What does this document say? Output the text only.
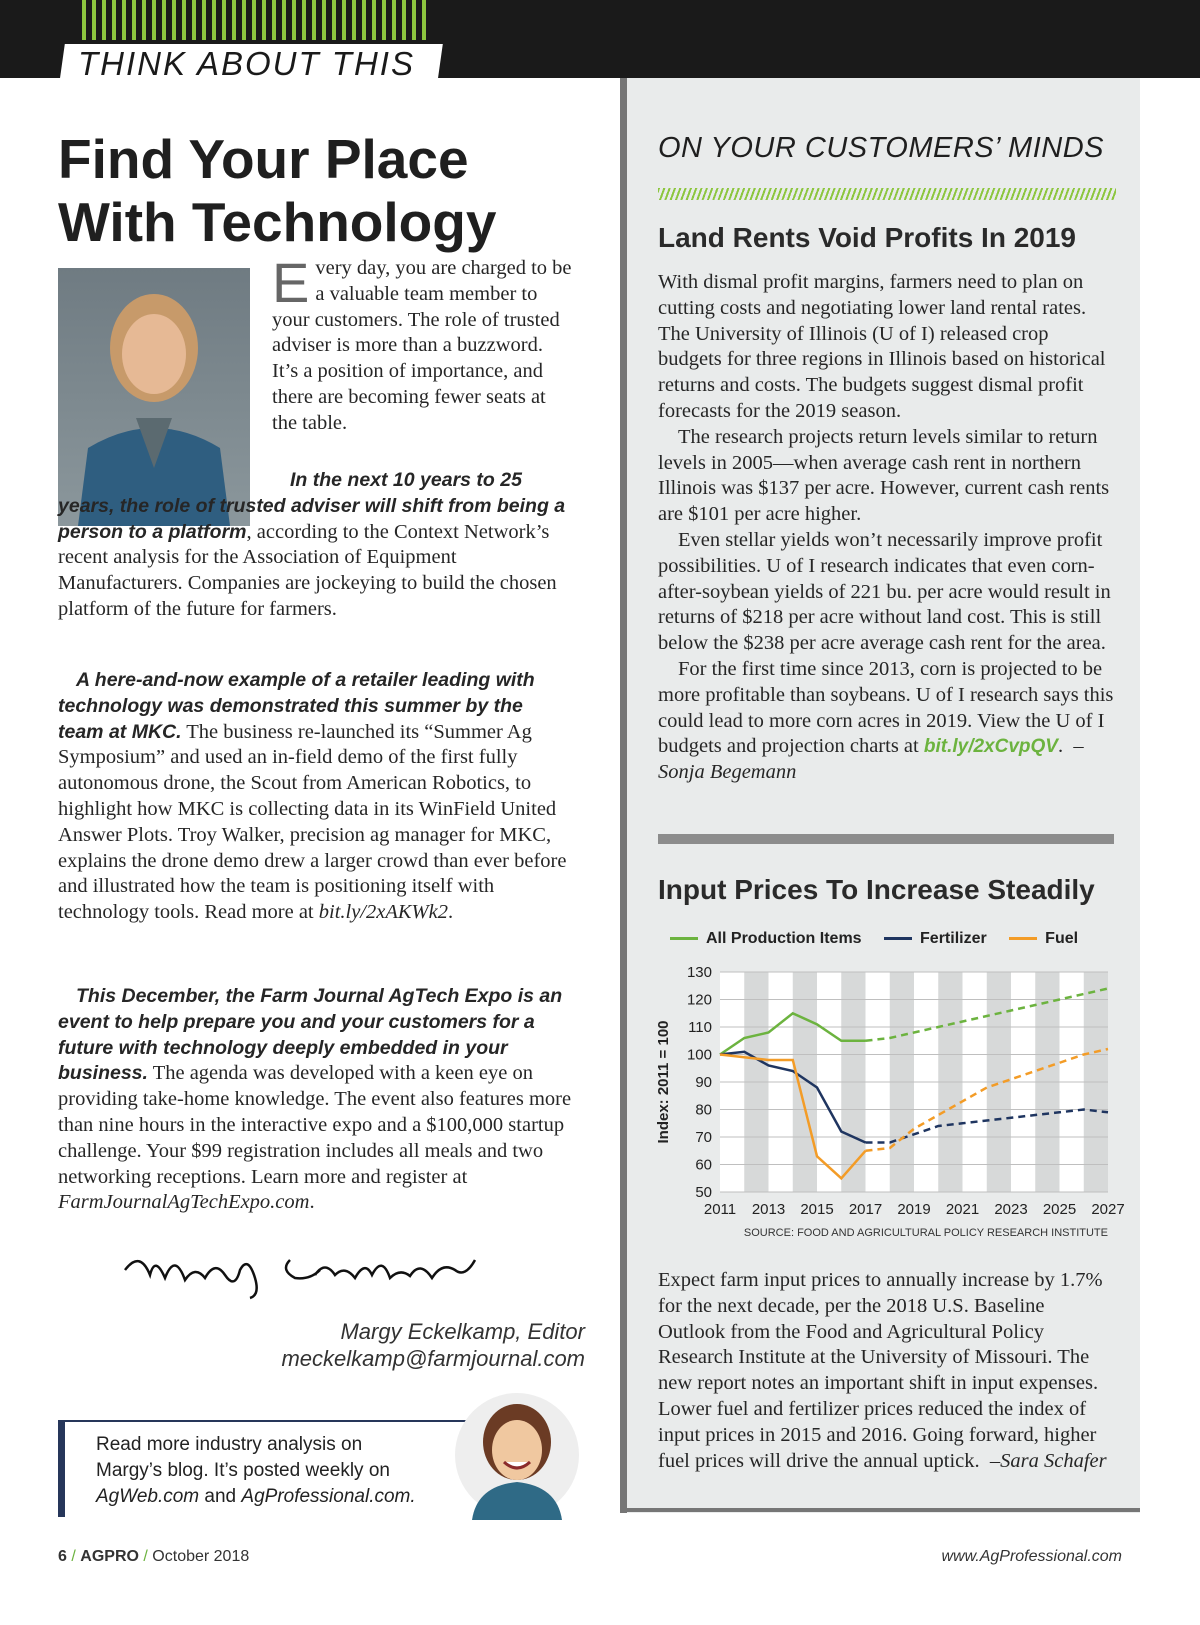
THINK ABOUT THIS
Find Your Place
With Technology
E very day, you are charged to be a valuable team member to your customers. The role of trusted adviser is more than a buzzword. It’s a position of importance, and there are becoming fewer seats at the table.
In the next 10 years to 25 years, the role of trusted adviser will shift from being a person to a platform, according to the Context Network’s recent analysis for the Association of Equipment Manufacturers. Companies are jockeying to build the chosen platform of the future for farmers.
A here-and-now example of a retailer leading with technology was demonstrated this summer by the team at MKC. The business re-launched its “Summer Ag Symposium” and used an in-field demo of the first fully autonomous drone, the Scout from American Robotics, to highlight how MKC is collecting data in its WinField United Answer Plots. Troy Walker, precision ag manager for MKC, explains the drone demo drew a larger crowd than ever before and illustrated how the team is positioning itself with technology tools. Read more at bit.ly/2xAKWk2.
This December, the Farm Journal AgTech Expo is an event to help prepare you and your customers for a future with technology deeply embedded in your business. The agenda was developed with a keen eye on providing take-home knowledge. The event also features more than nine hours in the interactive expo and a $100,000 startup challenge. Your $99 registration includes all meals and two networking receptions. Learn more and register at FarmJournalAgTechExpo.com.
Margy Eckelkamp, Editor
meckelkamp@farmjournal.com
Read more industry analysis on
Margy’s blog. It’s posted weekly on
AgWeb.com and AgProfessional.com.
6 / AGPRO / October 2018	www.AgProfessional.com
ON YOUR CUSTOMERS’ MINDS
Land Rents Void Profits In 2019
With dismal profit margins, farmers need to plan on cutting costs and negotiating lower land rental rates. The University of Illinois (U of I) released crop budgets for three regions in Illinois based on historical returns and costs. The budgets suggest dismal profit forecasts for the 2019 season.
The research projects return levels similar to return levels in 2005—when average cash rent in northern Illinois was $137 per acre. However, current cash rents are $101 per acre higher.
Even stellar yields won’t necessarily improve profit possibilities. U of I research indicates that even corn-after-soybean yields of 221 bu. per acre would result in returns of $218 per acre without land cost. This is still below the $238 per acre average cash rent for the area.
For the first time since 2013, corn is projected to be more profitable than soybeans. U of I research says this could lead to more corn acres in 2019. View the U of I budgets and projection charts at bit.ly/2xCvpQV.  –Sonja Begemann
Input Prices To Increase Steadily
All Production Items	Fertilizer	Fuel
130
120
110
100
90
80
70
60
50
2011 2013 2015 2017 2019 2021 2023 2025 2027
Index: 2011 = 100
SOURCE: FOOD AND AGRICULTURAL POLICY RESEARCH INSTITUTE
Expect farm input prices to annually increase by 1.7% for the next decade, per the 2018 U.S. Baseline Outlook from the Food and Agricultural Policy Research Institute at the University of Missouri. The new report notes an important shift in input expenses. Lower fuel and fertilizer prices reduced the index of input prices in 2015 and 2016. Going forward, higher fuel prices will drive the annual uptick. –Sara Schafer
